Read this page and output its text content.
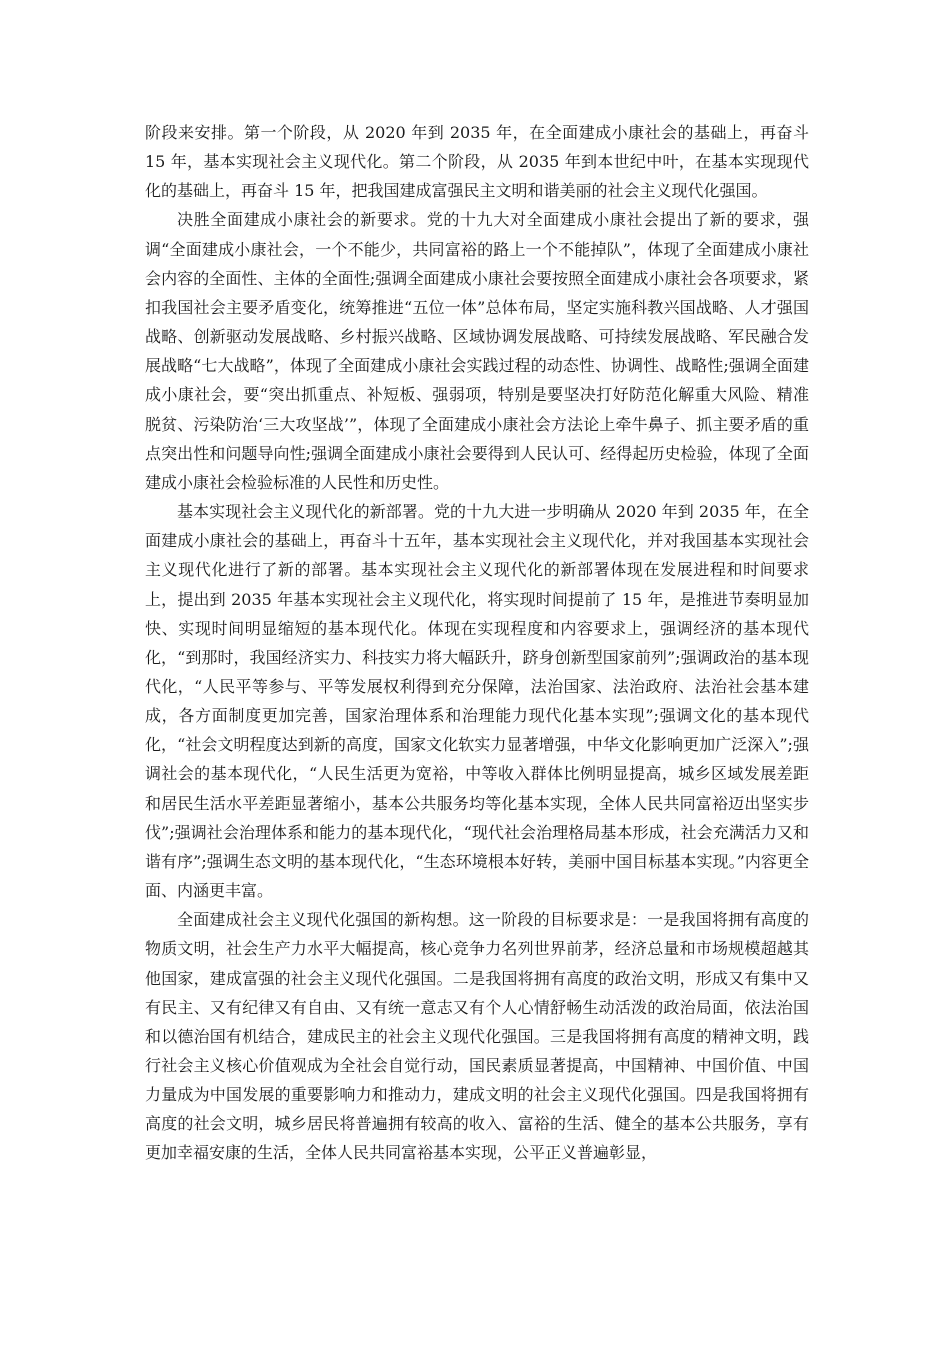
阶段来安排。第一个阶段，从 2020 年到 2035 年，在全面建成小康社会的基础上，再奋斗 15 年，基本实现社会主义现代化。第二个阶段，从 2035 年到本世纪中叶，在基本实现现代化的基础上，再奋斗 15 年，把我国建成富强民主文明和谐美丽的社会主义现代化强国。

决胜全面建成小康社会的新要求。党的十九大对全面建成小康社会提出了新的要求，强调“全面建成小康社会，一个不能少，共同富裕的路上一个不能掉队”，体现了全面建成小康社会内容的全面性、主体的全面性;强调全面建成小康社会要按照全面建成小康社会各项要求，紧扣我国社会主要矛盾变化，统筹推进“五位一体”总体布局，坚定实施科教兴国战略、人才强国战略、创新驱动发展战略、乡村振兴战略、区域协调发展战略、可持续发展战略、军民融合发展战略“七大战略”，体现了全面建成小康社会实践过程的动态性、协调性、战略性;强调全面建成小康社会，要“突出抓重点、补短板、强弱项，特别是要坚决打好防范化解重大风险、精准脱贫、污染防治‘三大攻坚战’”，体现了全面建成小康社会方法论上牵牛鼻子、抓主要矛盾的重点突出性和问题导向性;强调全面建成小康社会要得到人民认可、经得起历史检验，体现了全面建成小康社会检验标准的人民性和历史性。

基本实现社会主义现代化的新部署。党的十九大进一步明确从 2020 年到 2035 年，在全面建成小康社会的基础上，再奋斗十五年，基本实现社会主义现代化，并对我国基本实现社会主义现代化进行了新的部署。基本实现社会主义现代化的新部署体现在发展进程和时间要求上，提出到 2035 年基本实现社会主义现代化，将实现时间提前了 15 年，是推进节奏明显加快、实现时间明显缩短的基本现代化。体现在实现程度和内容要求上，强调经济的基本现代化，“到那时，我国经济实力、科技实力将大幅跃升，跻身创新型国家前列”;强调政治的基本现代化，“人民平等参与、平等发展权利得到充分保障，法治国家、法治政府、法治社会基本建成，各方面制度更加完善，国家治理体系和治理能力现代化基本实现”;强调文化的基本现代化，“社会文明程度达到新的高度，国家文化软实力显著增强，中华文化影响更加广泛深入”;强调社会的基本现代化，“人民生活更为宽裕，中等收入群体比例明显提高，城乡区域发展差距和居民生活水平差距显著缩小，基本公共服务均等化基本实现，全体人民共同富裕迈出坚实步伐”;强调社会治理体系和能力的基本现代化，“现代社会治理格局基本形成，社会充满活力又和谐有序”;强调生态文明的基本现代化，“生态环境根本好转，美丽中国目标基本实现。”内容更全面、内涵更丰富。

全面建成社会主义现代化强国的新构想。这一阶段的目标要求是：一是我国将拥有高度的物质文明，社会生产力水平大幅提高，核心竞争力名列世界前茅，经济总量和市场规模超越其他国家，建成富强的社会主义现代化强国。二是我国将拥有高度的政治文明，形成又有集中又有民主、又有纪律又有自由、又有统一意志又有个人心情舒畅生动活泼的政治局面，依法治国和以德治国有机结合，建成民主的社会主义现代化强国。三是我国将拥有高度的精神文明，践行社会主义核心价值观成为全社会自觉行动，国民素质显著提高，中国精神、中国价值、中国力量成为中国发展的重要影响力和推动力，建成文明的社会主义现代化强国。四是我国将拥有高度的社会文明，城乡居民将普遍拥有较高的收入、富裕的生活、健全的基本公共服务，享有更加幸福安康的生活，全体人民共同富裕基本实现，公平正义普遍彰显，
